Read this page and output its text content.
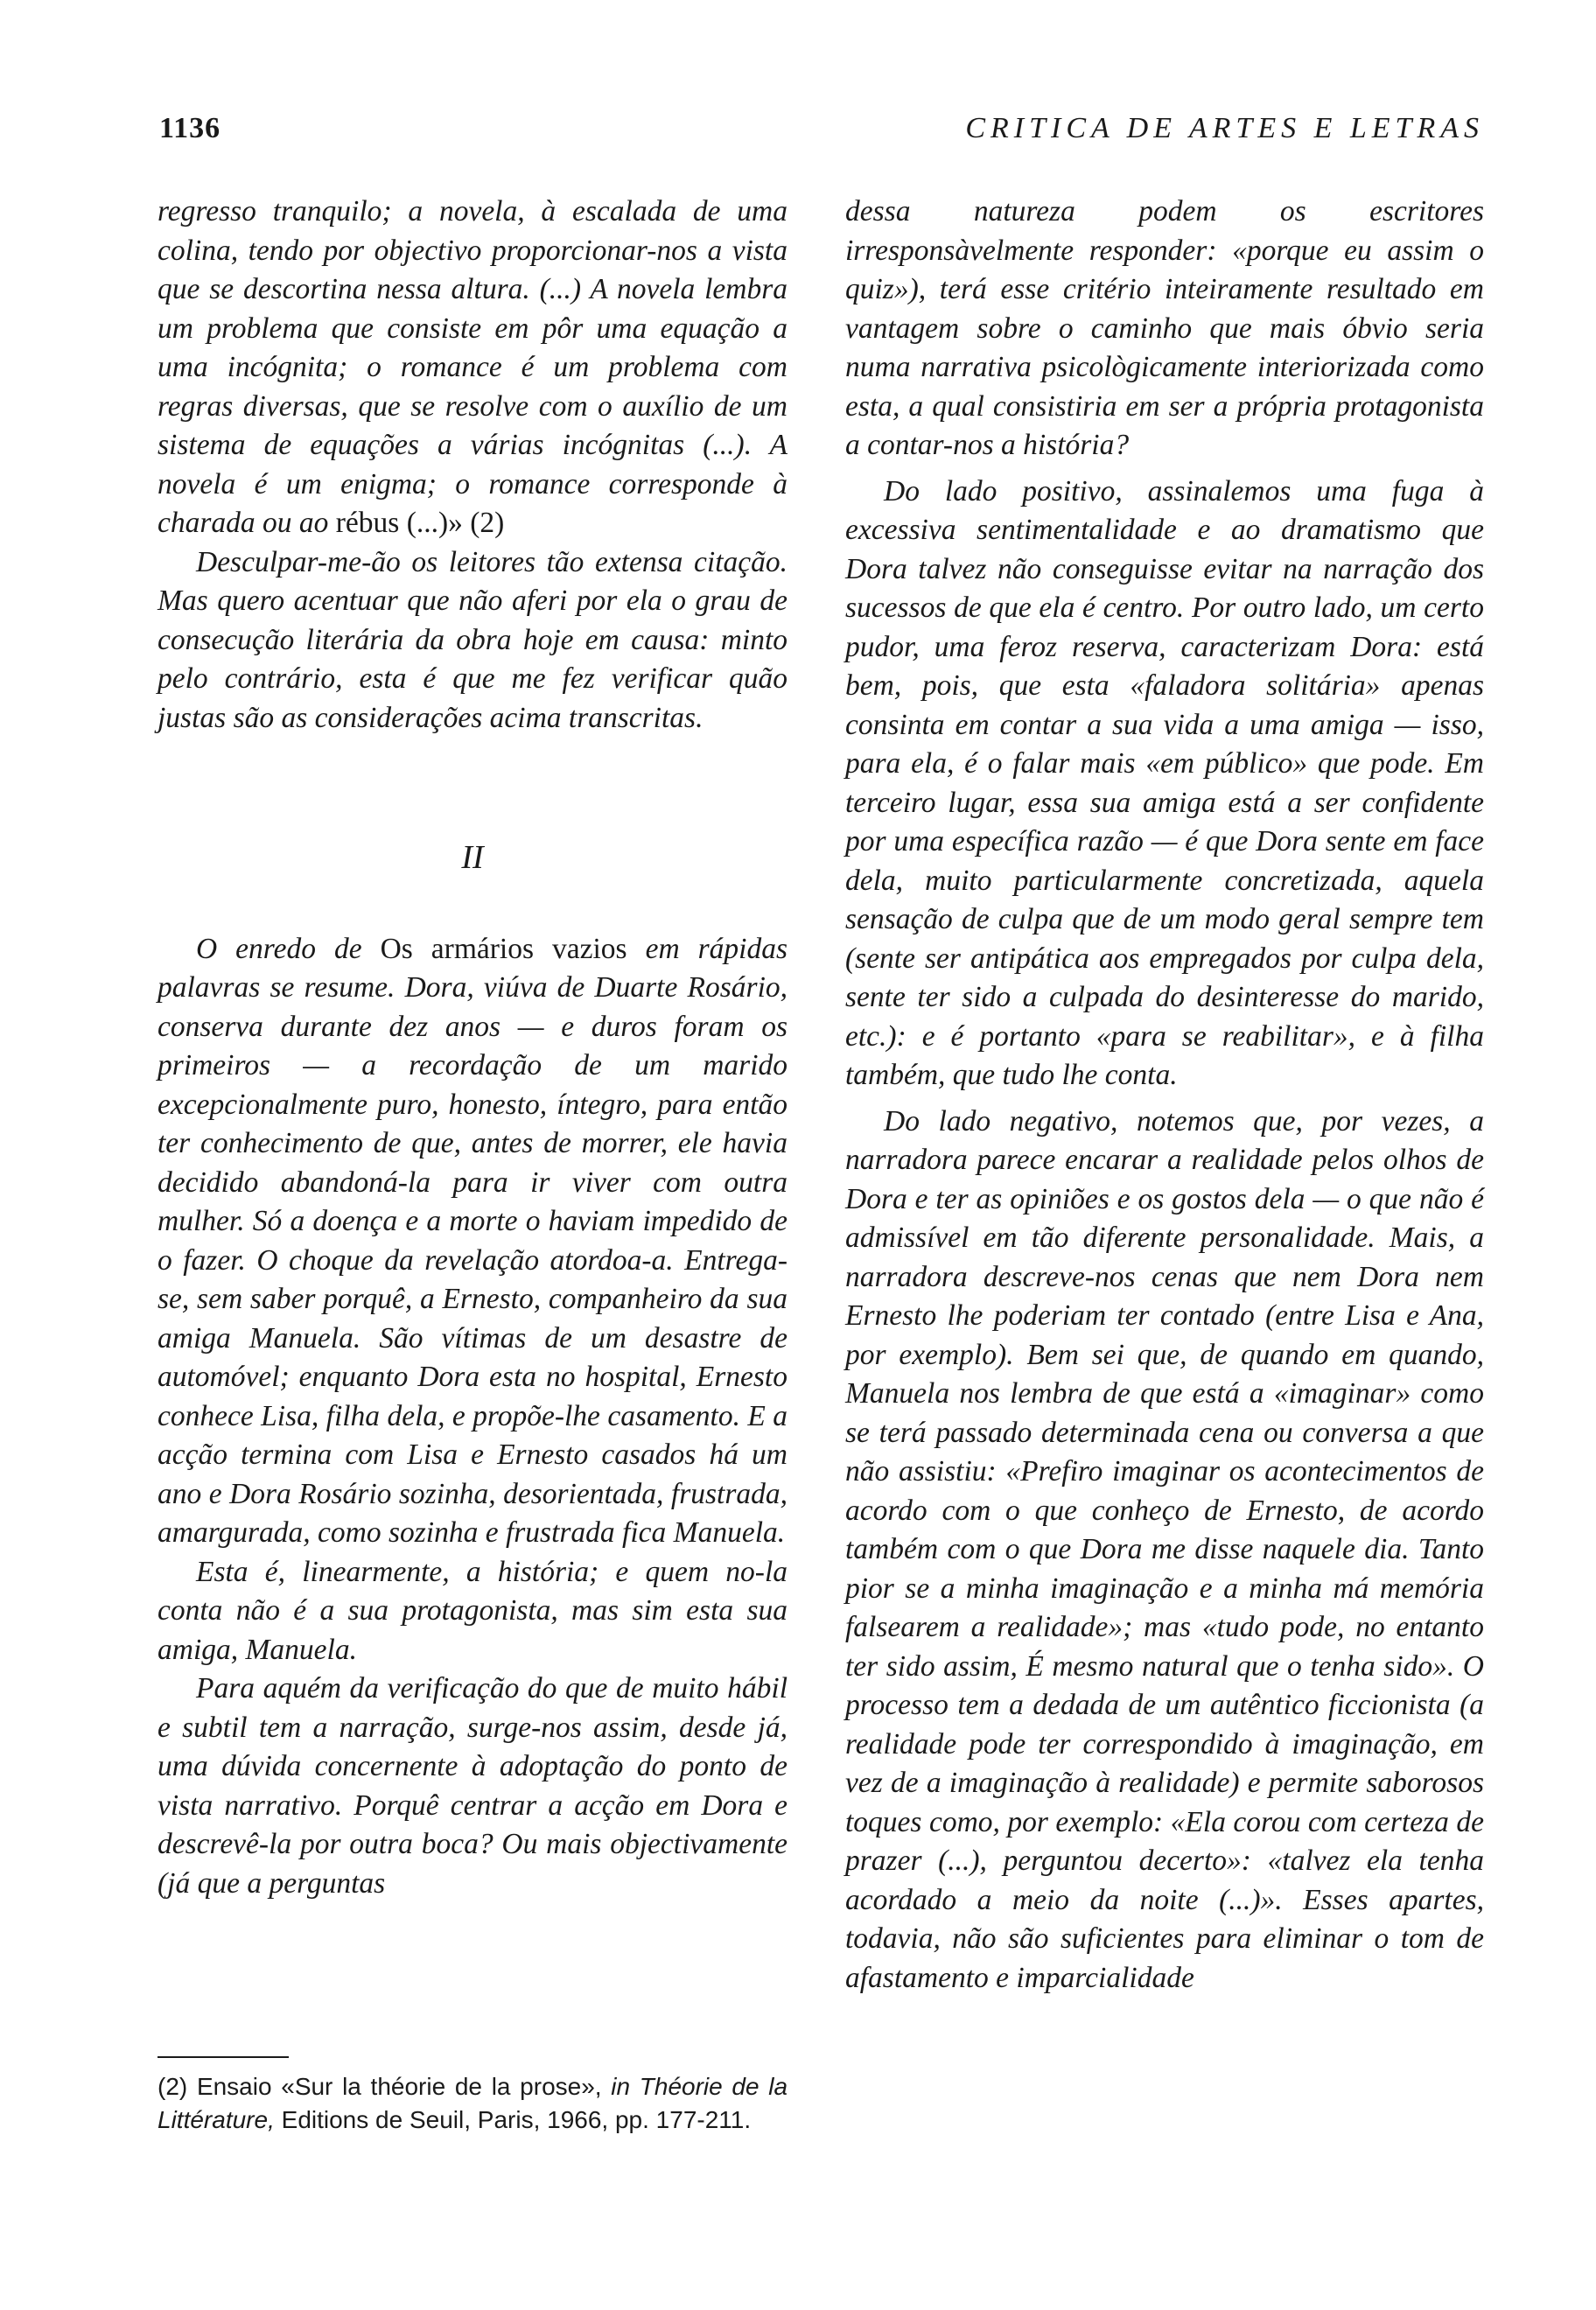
1136	CRITICA DE ARTES E LETRAS

regresso tranquilo; a novela, à escalada de uma colina, tendo por objectivo proporcionar-nos a vista que se descortina nessa altura. (...) A novela lembra um problema que consiste em pôr uma equação a uma incógnita; o romance é um problema com regras diversas, que se resolve com o auxílio de um sistema de equações a várias incógnitas (...). A novela é um enigma; o romance corresponde à charada ou ao rébus (...)» (2)

Desculpar-me-ão os leitores tão extensa citação. Mas quero acentuar que não aferi por ela o grau de consecução literária da obra hoje em causa: minto pelo contrário, esta é que me fez verificar quão justas são as considerações acima transcritas.

II

O enredo de Os armários vazios em rápidas palavras se resume. Dora, viúva de Duarte Rosário, conserva durante dez anos — e duros foram os primeiros — a recordação de um marido excepcionalmente puro, honesto, íntegro, para então ter conhecimento de que, antes de morrer, ele havia decidido abandoná-la para ir viver com outra mulher. Só a doença e a morte o haviam impedido de o fazer. O choque da revelação atordoa-a. Entrega-se, sem saber porquê, a Ernesto, companheiro da sua amiga Manuela. São vítimas de um desastre de automóvel; enquanto Dora esta no hospital, Ernesto conhece Lisa, filha dela, e propõe-lhe casamento. E a acção termina com Lisa e Ernesto casados há um ano e Dora Rosário sozinha, desorientada, frustrada, amargurada, como sozinha e frustrada fica Manuela.

Esta é, linearmente, a história; e quem no-la conta não é a sua protagonista, mas sim esta sua amiga, Manuela.

Para aquém da verificação do que de muito hábil e subtil tem a narração, surge-nos assim, desde já, uma dúvida concernente à adoptação do ponto de vista narrativo. Porquê centrar a acção em Dora e descrevê-la por outra boca? Ou mais objectivamente (já que a perguntas

dessa natureza podem os escritores irresponsàvelmente responder: «porque eu assim o quiz»), terá esse critério inteiramente resultado em vantagem sobre o caminho que mais óbvio seria numa narrativa psicològicamente interiorizada como esta, a qual consistiria em ser a própria protagonista a contar-nos a história?

Do lado positivo, assinalemos uma fuga à excessiva sentimentalidade e ao dramatismo que Dora talvez não conseguisse evitar na narração dos sucessos de que ela é centro. Por outro lado, um certo pudor, uma feroz reserva, caracterizam Dora: está bem, pois, que esta «faladora solitária» apenas consinta em contar a sua vida a uma amiga — isso, para ela, é o falar mais «em público» que pode. Em terceiro lugar, essa sua amiga está a ser confidente por uma específica razão — é que Dora sente em face dela, muito particularmente concretizada, aquela sensação de culpa que de um modo geral sempre tem (sente ser antipática aos empregados por culpa dela, sente ter sido a culpada do desinteresse do marido, etc.): e é portanto «para se reabilitar», e à filha também, que tudo lhe conta.

Do lado negativo, notemos que, por vezes, a narradora parece encarar a realidade pelos olhos de Dora e ter as opiniões e os gostos dela — o que não é admissível em tão diferente personalidade. Mais, a narradora descreve-nos cenas que nem Dora nem Ernesto lhe poderiam ter contado (entre Lisa e Ana, por exemplo). Bem sei que, de quando em quando, Manuela nos lembra de que está a «imaginar» como se terá passado determinada cena ou conversa a que não assistiu: «Prefiro imaginar os acontecimentos de acordo com o que conheço de Ernesto, de acordo também com o que Dora me disse naquele dia. Tanto pior se a minha imaginação e a minha má memória falsearem a realidade»; mas «tudo pode, no entanto ter sido assim, É mesmo natural que o tenha sido». O processo tem a dedada de um autêntico ficcionista (a realidade pode ter correspondido à imaginação, em vez de a imaginação à realidade) e permite saborosos toques como, por exemplo: «Ela corou com certeza de prazer (...), perguntou decerto»: «talvez ela tenha acordado a meio da noite (...)». Esses apartes, todavia, não são suficientes para eliminar o tom de afastamento e imparcialidade

(2) Ensaio «Sur la théorie de la prose», in Théorie de la Littérature, Editions de Seuil, Paris, 1966, pp. 177-211.
